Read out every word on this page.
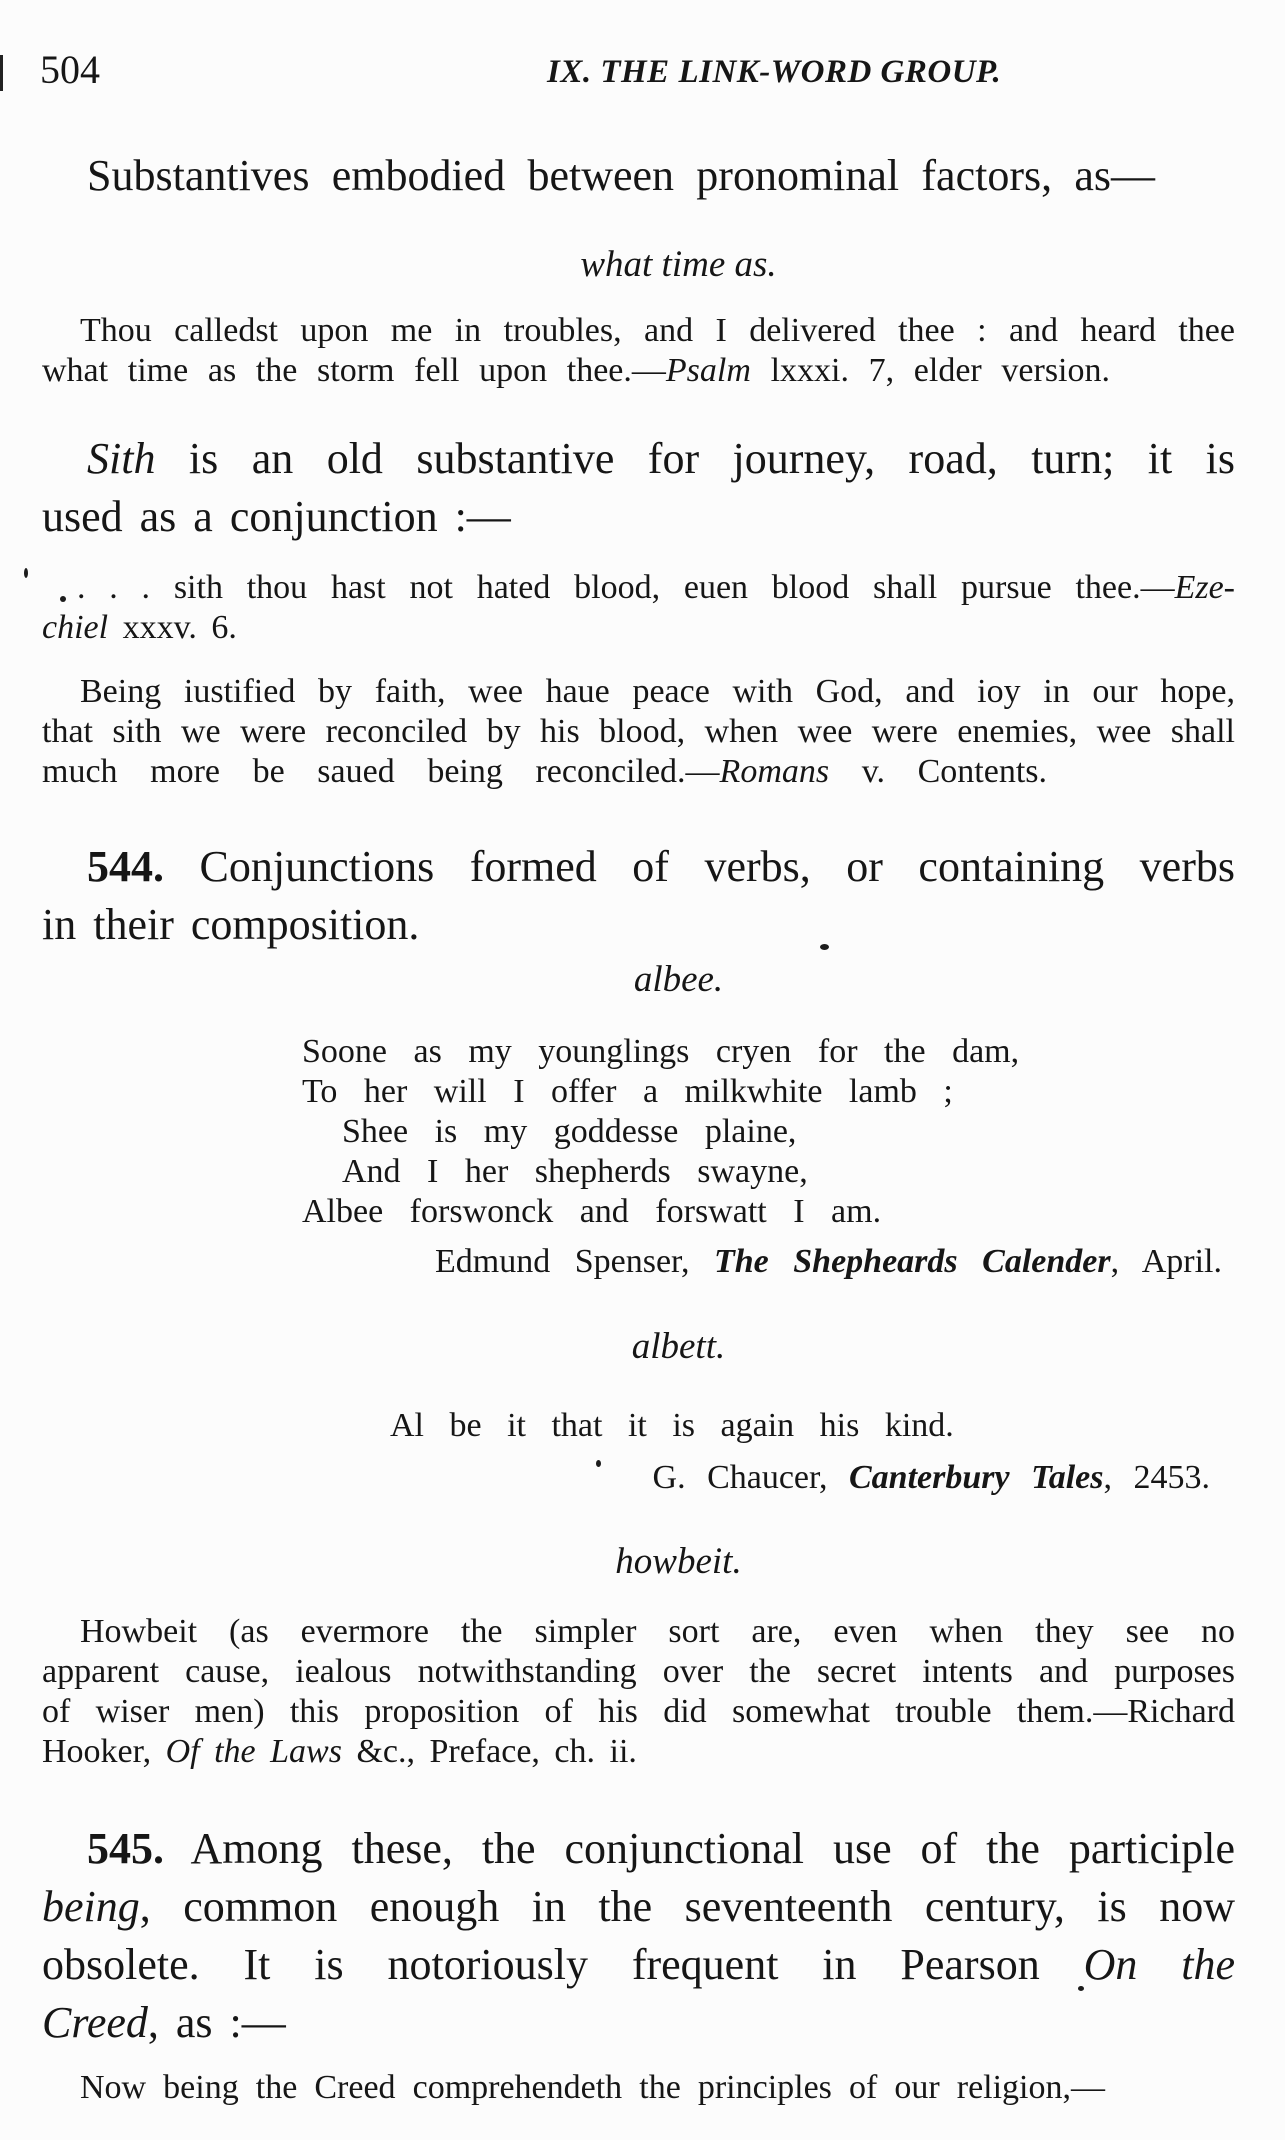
504	IX. THE LINK-WORD GROUP.

Substantives embodied between pronominal factors, as—

what time as.

Thou calledst upon me in troubles, and I delivered thee : and heard thee

what time as the storm fell upon thee.—Psalm lxxxi. 7, elder version.

Sith is an old substantive for journey, road, turn; it is

used as a conjunction :—

. . . sith thou hast not hated blood, euen blood shall pursue thee.—Eze-

chiel xxxv. 6.

Being iustified by faith, wee haue peace with God, and ioy in our hope,

that sith we were reconciled by his blood, when wee were enemies, wee shall

much more be saued being reconciled.—Romans v. Contents.

544. Conjunctions formed of verbs, or containing verbs

in their composition.

albee.

Soone as my younglings cryen for the dam,

To her will I offer a milkwhite lamb ;

Shee is my goddesse plaine,

And I her shepherds swayne,

Albee forswonck and forswatt I am.

Edmund Spenser, The Shepheards Calender, April.

albett.

Al be it that it is again his kind.

G. Chaucer, Canterbury Tales, 2453.

howbeit.

Howbeit (as evermore the simpler sort are, even when they see no

apparent cause, iealous notwithstanding over the secret intents and purposes

of wiser men) this proposition of his did somewhat trouble them.—Richard

Hooker, Of the Laws &c., Preface, ch. ii.

545. Among these, the conjunctional use of the participle

being, common enough in the seventeenth century, is now

obsolete. It is notoriously frequent in Pearson On the

Creed, as :—

Now being the Creed comprehendeth the principles of our religion,—
